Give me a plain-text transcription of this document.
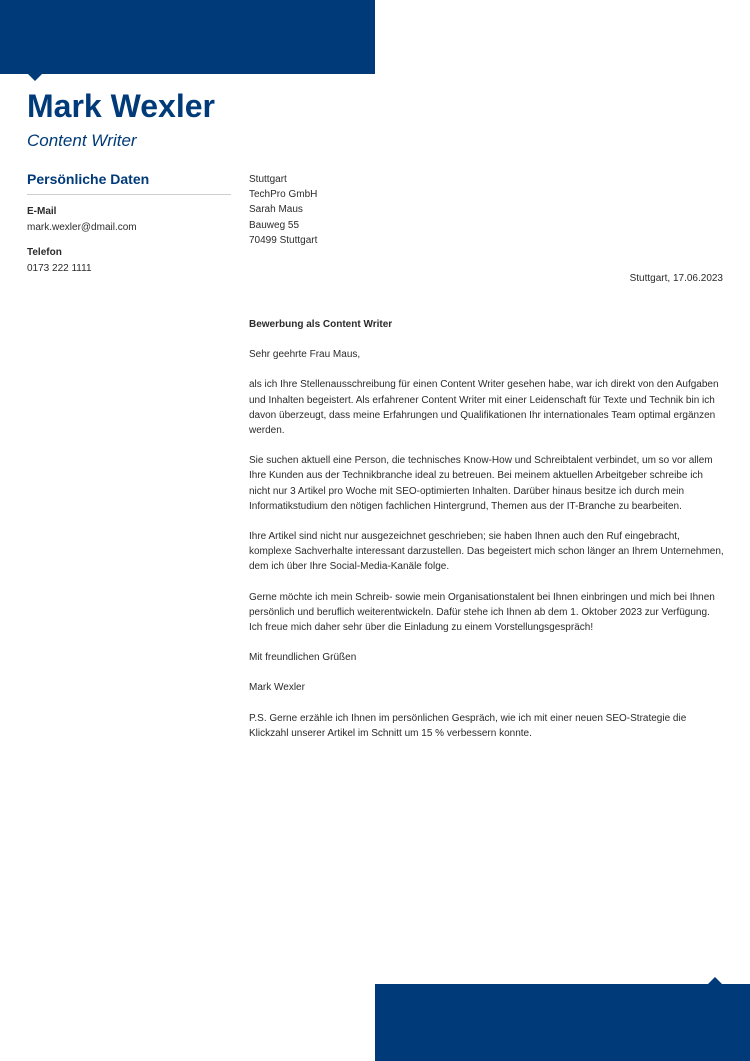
Mark Wexler
Content Writer
Persönliche Daten
E-Mail
mark.wexler@dmail.com
Telefon
0173 222 1111
Stuttgart
TechPro GmbH
Sarah Maus
Bauweg 55
70499 Stuttgart
Stuttgart, 17.06.2023

Bewerbung als Content Writer

Sehr geehrte Frau Maus,

als ich Ihre Stellenausschreibung für einen Content Writer gesehen habe, war ich direkt von den Aufgaben und Inhalten begeistert. Als erfahrener Content Writer mit einer Leidenschaft für Texte und Technik bin ich davon überzeugt, dass meine Erfahrungen und Qualifikationen Ihr internationales Team optimal ergänzen werden.

Sie suchen aktuell eine Person, die technisches Know-How und Schreibtalent verbindet, um so vor allem Ihre Kunden aus der Technikbranche ideal zu betreuen. Bei meinem aktuellen Arbeitgeber schreibe ich nicht nur 3 Artikel pro Woche mit SEO-optimierten Inhalten. Darüber hinaus besitze ich durch mein Informatikstudium den nötigen fachlichen Hintergrund, Themen aus der IT-Branche zu bearbeiten.

Ihre Artikel sind nicht nur ausgezeichnet geschrieben; sie haben Ihnen auch den Ruf eingebracht, komplexe Sachverhalte interessant darzustellen. Das begeistert mich schon länger an Ihrem Unternehmen, dem ich über Ihre Social-Media-Kanäle folge.

Gerne möchte ich mein Schreib- sowie mein Organisationstalent bei Ihnen einbringen und mich bei Ihnen persönlich und beruflich weiterentwickeln. Dafür stehe ich Ihnen ab dem 1. Oktober 2023 zur Verfügung. Ich freue mich daher sehr über die Einladung zu einem Vorstellungsgespräch!

Mit freundlichen Grüßen

Mark Wexler

P.S. Gerne erzähle ich Ihnen im persönlichen Gespräch, wie ich mit einer neuen SEO-Strategie die Klickzahl unserer Artikel im Schnitt um 15 % verbessern konnte.
